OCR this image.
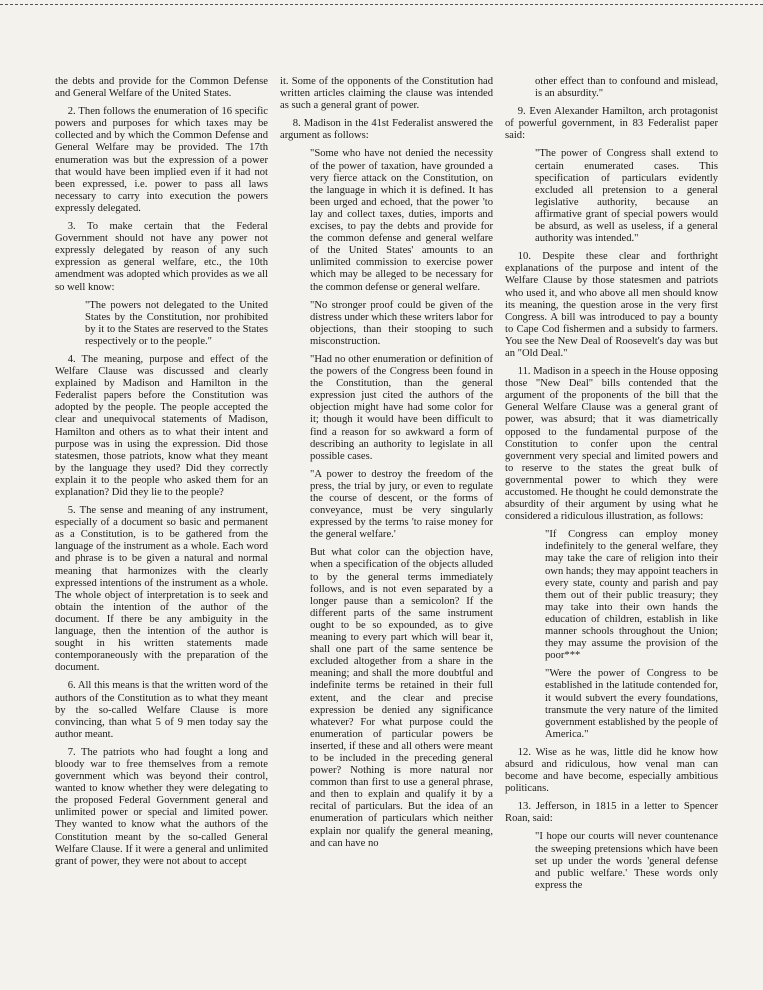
the debts and provide for the Common Defense and General Welfare of the United States.

2. Then follows the enumeration of 16 specific powers and purposes for which taxes may be collected and by which the Common Defense and General Welfare may be provided. The 17th enumeration was but the expression of a power that would have been implied even if it had not been expressed, i.e. power to pass all laws necessary to carry into execution the powers expressly delegated.

3. To make certain that the Federal Government should not have any power not expressly delegated by reason of any such expression as general welfare, etc., the 10th amendment was adopted which provides as we all so well know:

"The powers not delegated to the United States by the Constitution, nor prohibited by it to the States are reserved to the States respectively or to the people."

4. The meaning, purpose and effect of the Welfare Clause was discussed and clearly explained by Madison and Hamilton in the Federalist papers before the Constitution was adopted by the people. The people accepted the clear and unequivocal statements of Madison, Hamilton and others as to what their intent and purpose was in using the expression. Did those statesmen, those patriots, know what they meant by the language they used? Did they correctly explain it to the people who asked them for an explanation? Did they lie to the people?

5. The sense and meaning of any instrument, especially of a document so basic and permanent as a Constitution, is to be gathered from the language of the instrument as a whole. Each word and phrase is to be given a natural and normal meaning that harmonizes with the clearly expressed intentions of the instrument as a whole. The whole object of interpretation is to seek and obtain the intention of the author of the document. If there be any ambiguity in the language, then the intention of the author is sought in his written statements made contemporaneously with the preparation of the document.

6. All this means is that the written word of the authors of the Constitution as to what they meant by the so-called Welfare Clause is more convincing, than what 5 of 9 men today say the author meant.

7. The patriots who had fought a long and bloody war to free themselves from a remote government which was beyond their control, wanted to know whether they were delegating to the proposed Federal Government general and unlimited power or special and limited power. They wanted to know what the authors of the Constitution meant by the so-called General Welfare Clause. If it were a general and unlimited grant of power, they were not about to accept

it. Some of the opponents of the Constitution had written articles claiming the clause was intended as such a general grant of power.

8. Madison in the 41st Federalist answered the argument as follows:

"Some who have not denied the necessity of the power of taxation, have grounded a very fierce attack on the Constitution, on the language in which it is defined. It has been urged and echoed, that the power 'to lay and collect taxes, duties, imports and excises, to pay the debts and provide for the common defense and general welfare of the United States' amounts to an unlimited commission to exercise power which may be alleged to be necessary for the common defense or general welfare.
"No stronger proof could be given of the distress under which these writers labor for objections, than their stooping to such misconstruction.
"Had no other enumeration or definition of the powers of the Congress been found in the Constitution, than the general expression just cited the authors of the objection might have had some color for it; though it would have been difficult to find a reason for so awkward a form of describing an authority to legislate in all possible cases.
"A power to destroy the freedom of the press, the trial by jury, or even to regulate the course of descent, or the forms of conveyance, must be very singularly expressed by the terms 'to raise money for the general welfare.'
But what color can the objection have, when a specification of the objects alluded to by the general terms immediately follows, and is not even separated by a longer pause than a semicolon? If the different parts of the same instrument ought to be so expounded, as to give meaning to every part which will bear it, shall one part of the same sentence be excluded altogether from a share in the meaning; and shall the more doubtful and indefinite terms be retained in their full extent, and the clear and precise expression be denied any significance whatever? For what purpose could the enumeration of particular powers be inserted, if these and all others were meant to be included in the preceding general power? Nothing is more natural nor common than first to use a general phrase, and then to explain and qualify it by a recital of particulars. But the idea of an enumeration of particulars which neither explain nor qualify the general meaning, and can have no
other effect than to confound and mislead, is an absurdity."

9. Even Alexander Hamilton, arch protagonist of powerful government, in 83 Federalist paper said:

"The power of Congress shall extend to certain enumerated cases. This specification of particulars evidently excluded all pretension to a general legislative authority, because an affirmative grant of special powers would be absurd, as well as useless, if a general authority was intended."

10. Despite these clear and forthright explanations of the purpose and intent of the Welfare Clause by those statesmen and patriots who used it, and who above all men should know its meaning, the question arose in the very first Congress. A bill was introduced to pay a bounty to Cape Cod fishermen and a subsidy to farmers. You see the New Deal of Roosevelt's day was but an "Old Deal."

11. Madison in a speech in the House opposing those "New Deal" bills contended that the argument of the proponents of the bill that the General Welfare Clause was a general grant of power, was absurd; that it was diametrically opposed to the fundamental purpose of the Constitution to confer upon the central government very special and limited powers and to reserve to the states the great bulk of governmental power to which they were accustomed. He thought he could demonstrate the absurdity of their argument by using what he considered a ridiculous illustration, as follows:

"If Congress can employ money indefinitely to the general welfare, they may take the care of religion into their own hands; they may appoint teachers in every state, county and parish and pay them out of their public treasury; they may take into their own hands the education of children, establish in like manner schools throughout the Union; they may assume the provision of the poor***
"Were the power of Congress to be established in the latitude contended for, it would subvert the every foundations, transmute the very nature of the limited government established by the people of America."

12. Wise as he was, little did he know how absurd and ridiculous, how venal man can become and have become, especially ambitious politicans.

13. Jefferson, in 1815 in a letter to Spencer Roan, said:

"I hope our courts will never countenance the sweeping pretensions which have been set up under the words 'general defense and public welfare.' These words only express the
